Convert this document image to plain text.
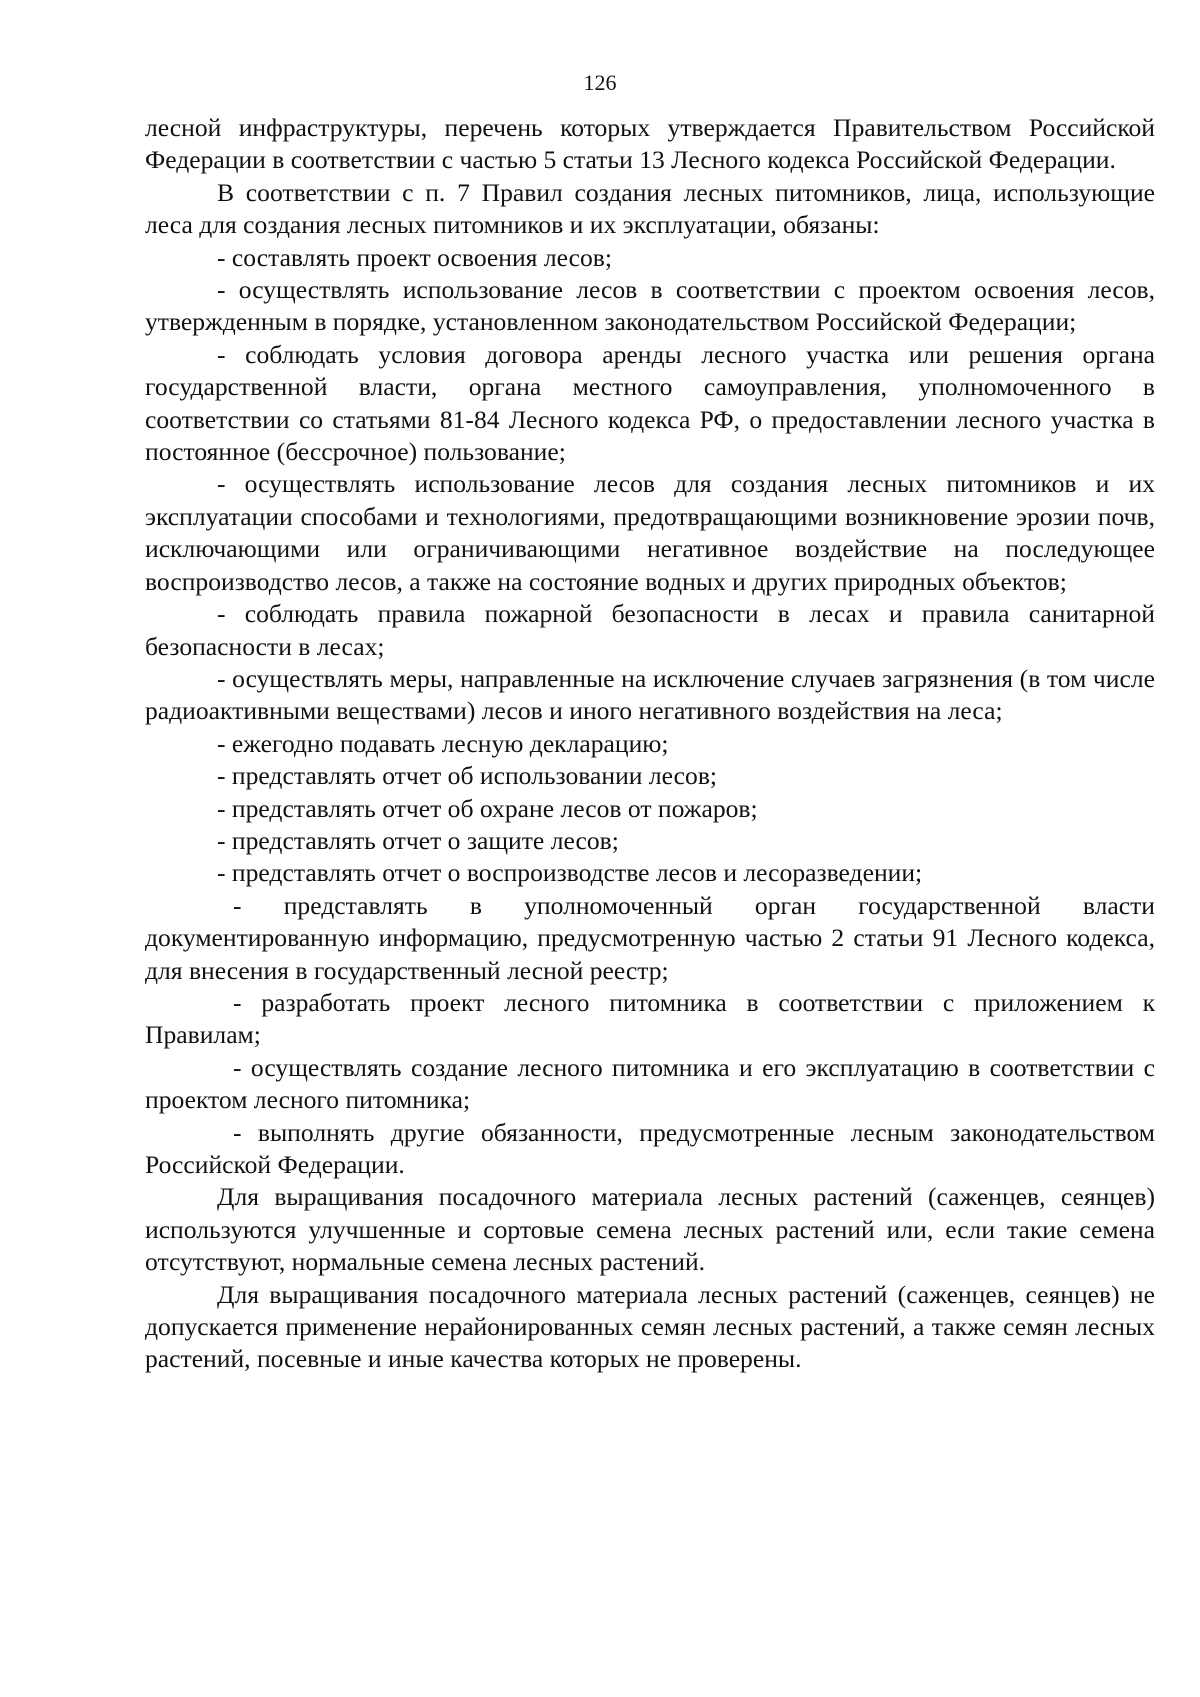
126

лесной инфраструктуры, перечень которых утверждается Правительством Российской Федерации в соответствии с частью 5 статьи 13 Лесного кодекса Российской Федерации.

В соответствии с п. 7 Правил создания лесных питомников, лица, использующие леса для создания лесных питомников и их эксплуатации, обязаны:

- составлять проект освоения лесов;

- осуществлять использование лесов в соответствии с проектом освоения лесов, утвержденным в порядке, установленном законодательством Российской Федерации;

- соблюдать условия договора аренды лесного участка или решения органа государственной власти, органа местного самоуправления, уполномоченного в соответствии со статьями 81-84 Лесного кодекса РФ, о предоставлении лесного участка в постоянное (бессрочное) пользование;

- осуществлять использование лесов для создания лесных питомников и их эксплуатации способами и технологиями, предотвращающими возникновение эрозии почв, исключающими или ограничивающими негативное воздействие на последующее воспроизводство лесов, а также на состояние водных и других природных объектов;

- соблюдать правила пожарной безопасности в лесах и правила санитарной безопасности в лесах;

- осуществлять меры, направленные на исключение случаев загрязнения (в том числе радиоактивными веществами) лесов и иного негативного воздействия на леса;

- ежегодно подавать лесную декларацию;

- представлять отчет об использовании лесов;

- представлять отчет об охране лесов от пожаров;

- представлять отчет о защите лесов;

- представлять отчет о воспроизводстве лесов и лесоразведении;

- представлять в уполномоченный орган государственной власти документированную информацию, предусмотренную частью 2 статьи 91 Лесного кодекса, для внесения в государственный лесной реестр;

- разработать проект лесного питомника в соответствии с приложением к Правилам;

- осуществлять создание лесного питомника и его эксплуатацию в соответствии с проектом лесного питомника;

- выполнять другие обязанности, предусмотренные лесным законодательством Российской Федерации.

Для выращивания посадочного материала лесных растений (саженцев, сеянцев) используются улучшенные и сортовые семена лесных растений или, если такие семена отсутствуют, нормальные семена лесных растений.

Для выращивания посадочного материала лесных растений (саженцев, сеянцев) не допускается применение нерайонированных семян лесных растений, а также семян лесных растений, посевные и иные качества которых не проверены.
